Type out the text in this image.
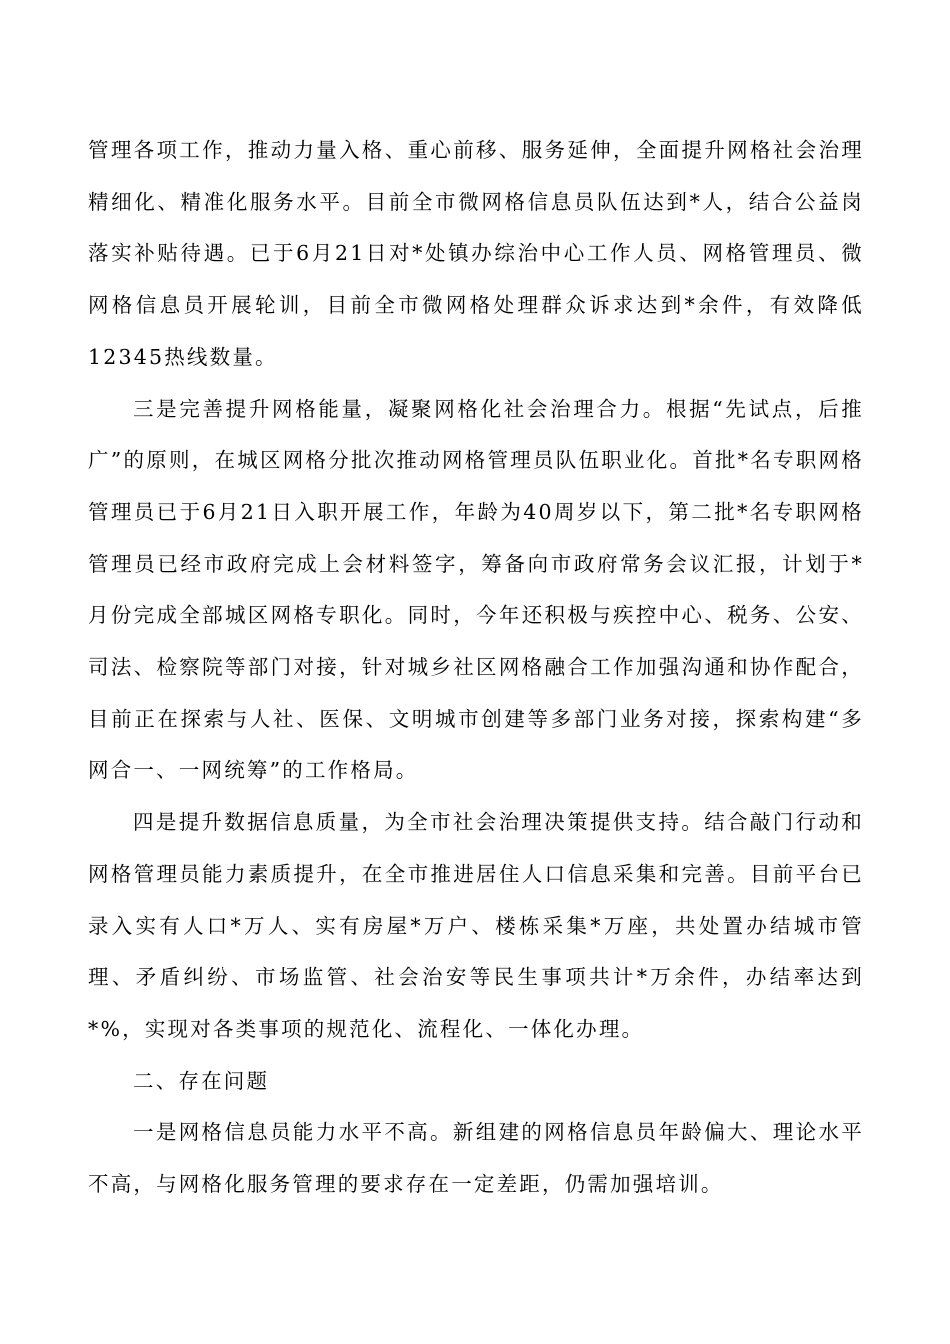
管理各项工作，推动力量入格、重心前移、服务延伸，全面提升网格社会治理精细化、精准化服务水平。目前全市微网格信息员队伍达到*人，结合公益岗落实补贴待遇。已于6月21日对*处镇办综治中心工作人员、网格管理员、微网格信息员开展轮训，目前全市微网格处理群众诉求达到*余件，有效降低12345热线数量。

三是完善提升网格能量，凝聚网格化社会治理合力。根据“先试点，后推广”的原则，在城区网格分批次推动网格管理员队伍职业化。首批*名专职网格管理员已于6月21日入职开展工作，年龄为40周岁以下，第二批*名专职网格管理员已经市政府完成上会材料签字，筹备向市政府常务会议汇报，计划于*月份完成全部城区网格专职化。同时，今年还积极与疾控中心、税务、公安、司法、检察院等部门对接，针对城乡社区网格融合工作加强沟通和协作配合，目前正在探索与人社、医保、文明城市创建等多部门业务对接，探索构建“多网合一、一网统筹”的工作格局。

四是提升数据信息质量，为全市社会治理决策提供支持。结合敲门行动和网格管理员能力素质提升，在全市推进居住人口信息采集和完善。目前平台已录入实有人口*万人、实有房屋*万户、楼栋采集*万座，共处置办结城市管理、矛盾纠纷、市场监管、社会治安等民生事项共计*万余件，办结率达到*%，实现对各类事项的规范化、流程化、一体化办理。

二、存在问题

一是网格信息员能力水平不高。新组建的网格信息员年龄偏大、理论水平不高，与网格化服务管理的要求存在一定差距，仍需加强培训。
